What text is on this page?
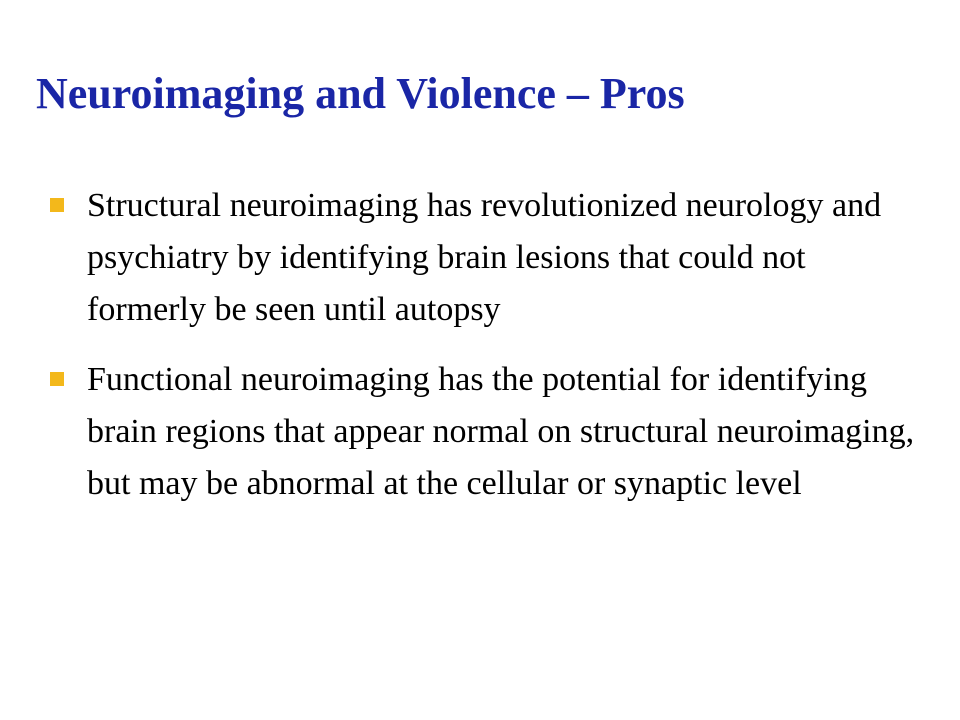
Neuroimaging and Violence – Pros
Structural neuroimaging has revolutionized neurology and psychiatry by identifying brain lesions that could not formerly be seen until autopsy
Functional neuroimaging has the potential for identifying brain regions that appear normal on structural neuroimaging, but may be abnormal at the cellular or synaptic level
